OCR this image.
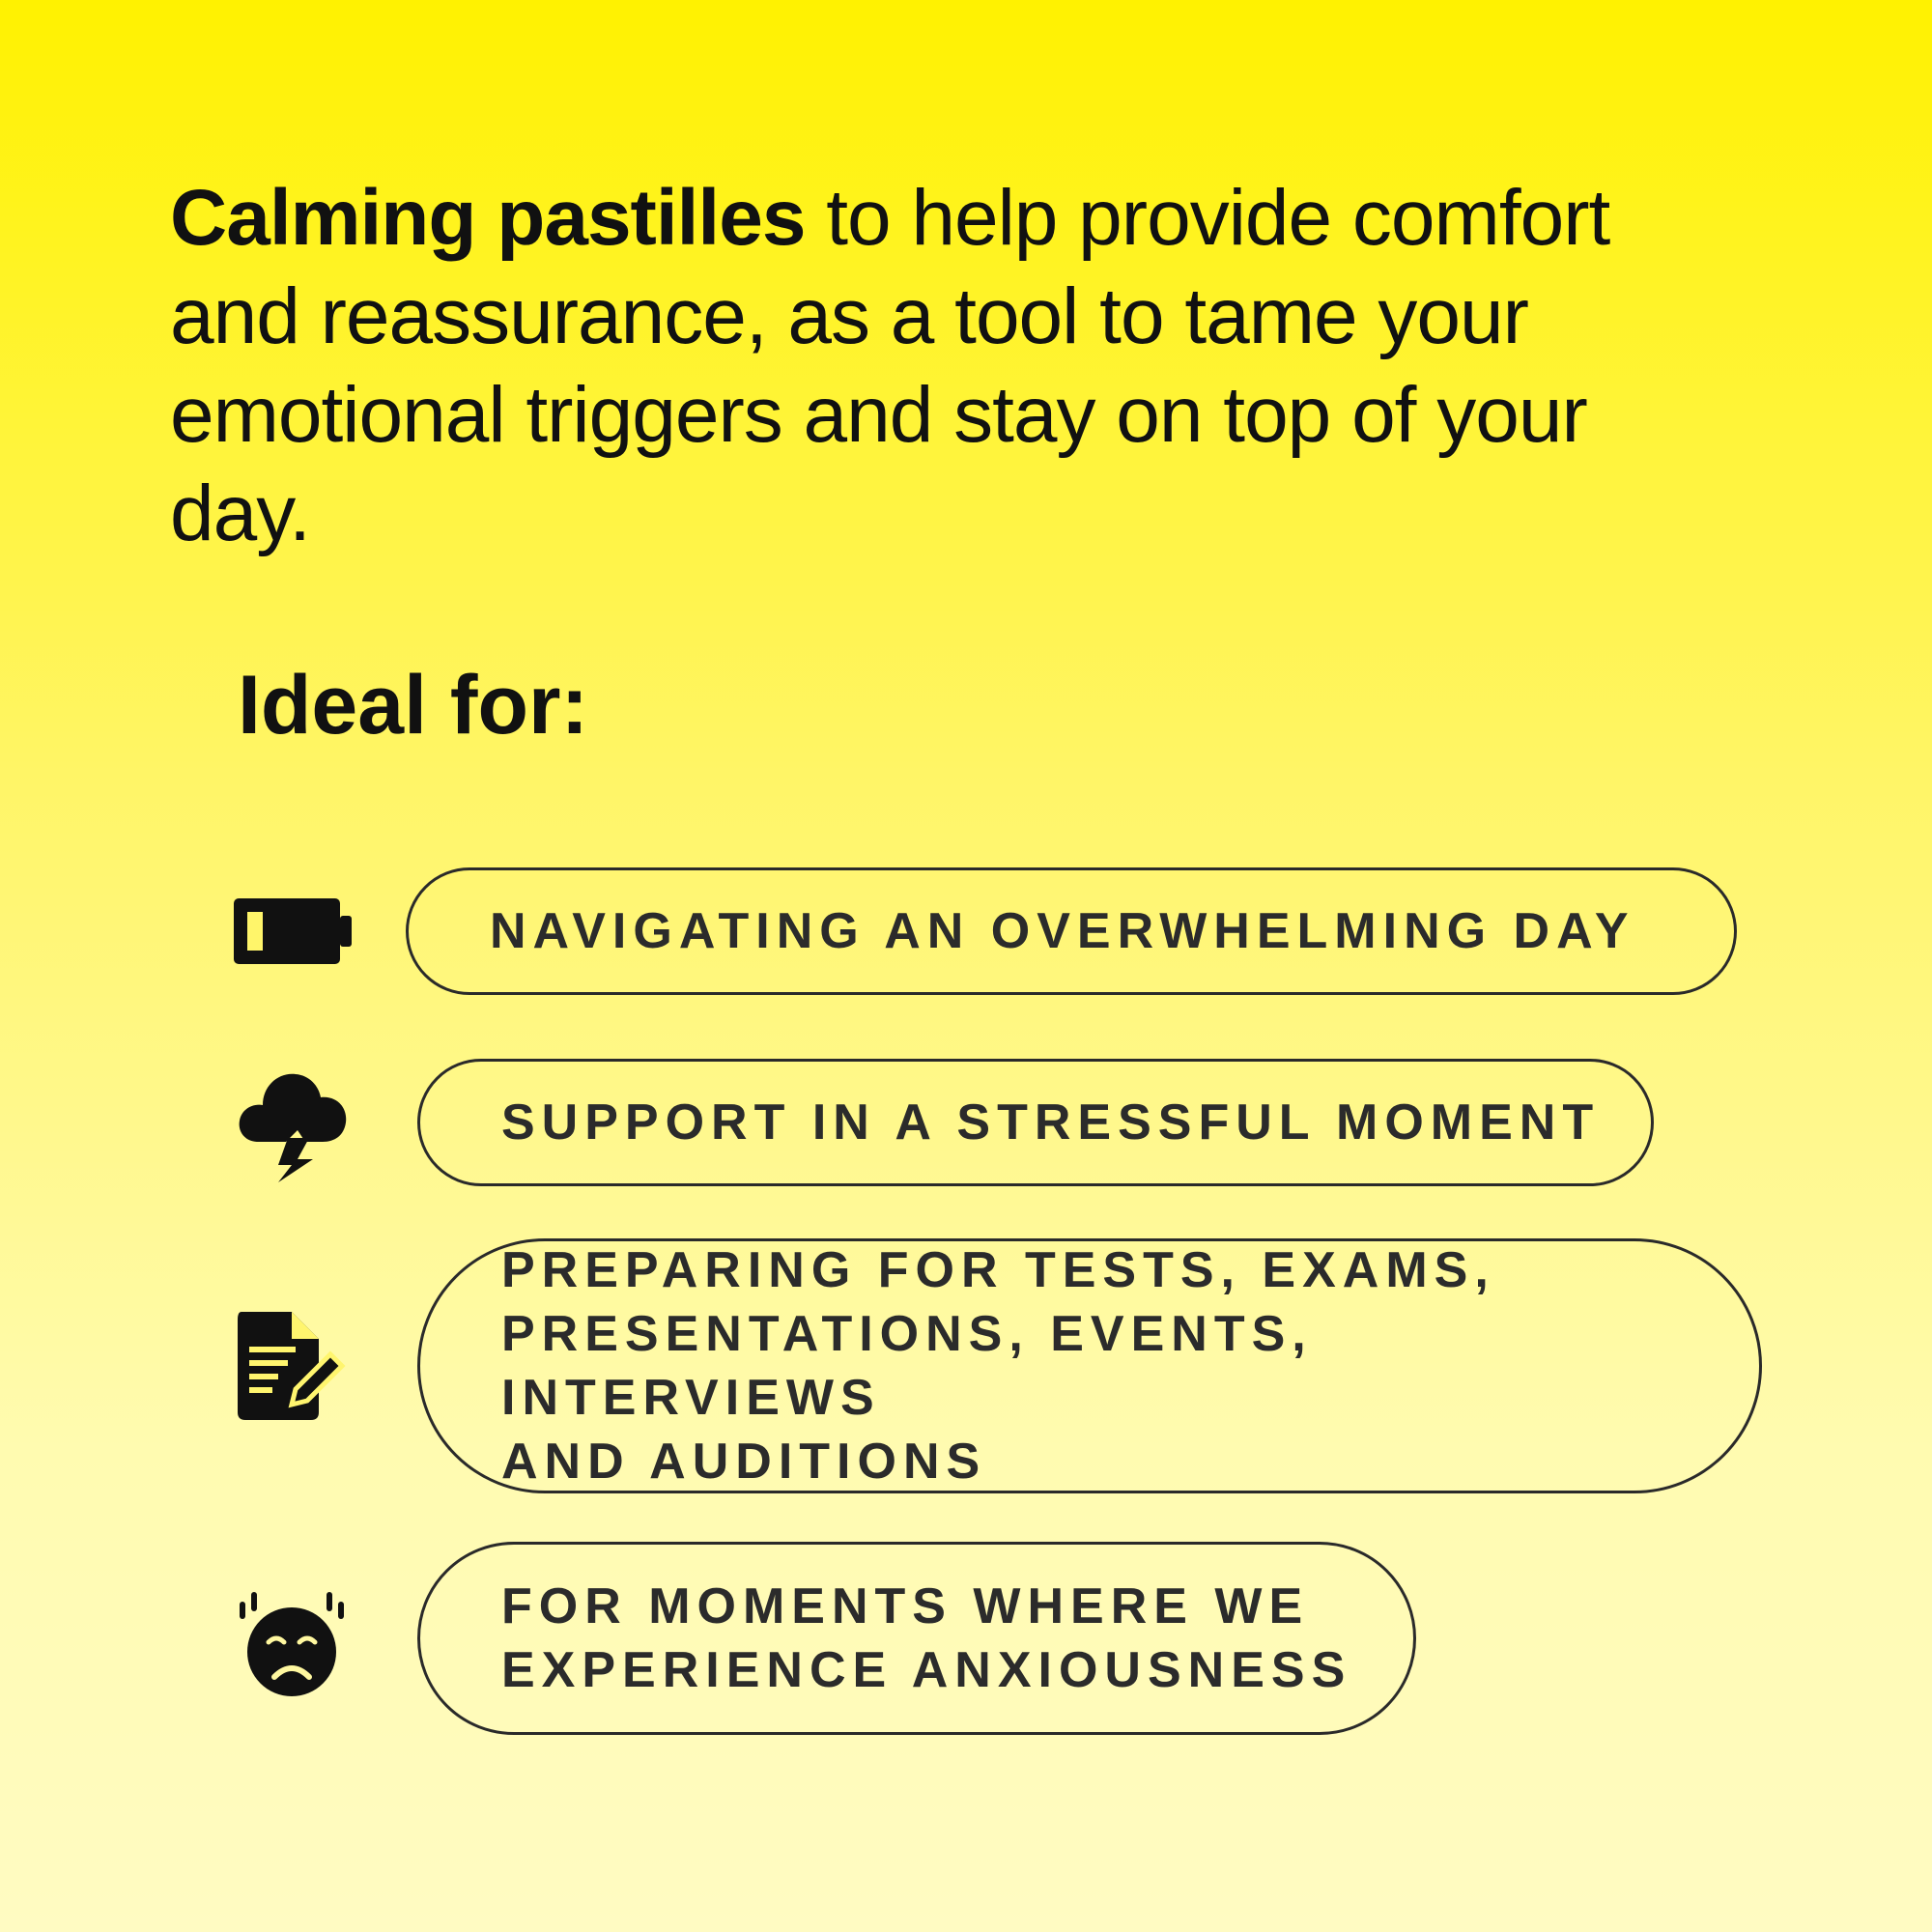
Calming pastilles to help provide comfort and reassurance, as a tool to tame your emotional triggers and stay on top of your day.

Ideal for:
NAVIGATING AN OVERWHELMING DAY
SUPPORT IN A STRESSFUL MOMENT
PREPARING FOR TESTS, EXAMS,
PRESENTATIONS, EVENTS, INTERVIEWS
AND AUDITIONS
FOR MOMENTS WHERE WE
EXPERIENCE ANXIOUSNESS
